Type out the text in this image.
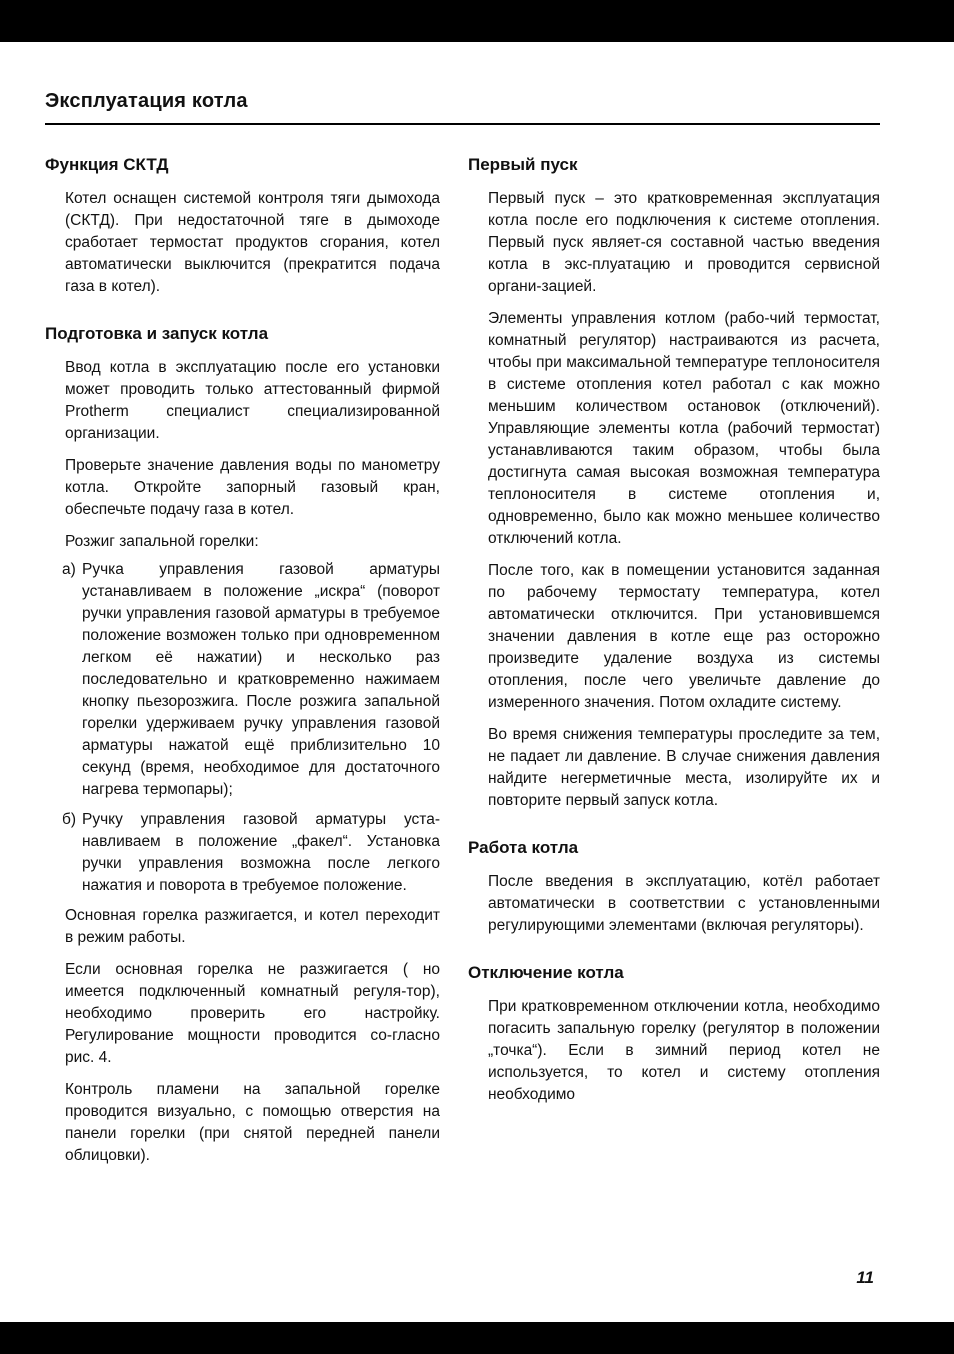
Эксплуатация котла
Функция СКТД

Котел оснащен системой контроля тяги дымохода (СКТД). При недостаточной тяге в дымоходе сработает термостат продуктов сгорания, котел автоматически выключится (прекратится подача газа в котел).

Подготовка и запуск котла

Ввод котла в эксплуатацию после его установки может проводить только аттестованный фирмой Protherm специалист специализированной организации.

Проверьте значение давления воды по манометру котла. Откройте запорный газовый кран, обеспечьте подачу газа в котел.

Розжиг запальной горелки:

а) Ручка управления газовой арматуры устанавливаем в положение „искра“ (поворот ручки управления газовой арматуры в требуемое положение возможен только при одновременном легком её нажатии) и несколько раз последовательно и кратковременно нажимаем кнопку пьезорозжига. После розжига запальной горелки удерживаем ручку управления газовой арматуры нажатой ещё приблизительно 10 секунд (время, необходимое для достаточного нагрева термопары);

б) Ручку управления газовой арматуры уста-навливаем в положение „факел“. Установка ручки управления возможна после легкого нажатия и поворота в требуемое положение.

Основная горелка разжигается, и котел переходит в режим работы.

Если основная горелка не разжигается ( но имеется подключенный комнатный регуля-тор), необходимо проверить его настройку. Регулирование мощности проводится со-гласно рис. 4.

Контроль пламени на запальной горелке проводится визуально, с помощью отверстия на панели горелки (при снятой передней панели облицовки).

Первый пуск

Первый пуск – это кратковременная эксплуатация котла после его подключения к системе отопления. Первый пуск являет-ся составной частью введения котла в экс-плуатацию и проводится сервисной органи-зацией.

Элементы управления котлом (рабо-чий термостат, комнатный регулятор) настраиваются из расчета, чтобы при максимальной температуре теплоносителя в системе отопления котел работал с как можно меньшим количеством остановок (отключений). Управляющие элементы котла (рабочий термостат) устанавливаются таким образом, чтобы была достигнута самая высокая возможная температура теплоносителя в системе отопления и, одновременно, было как можно меньшее количество отключений котла.

После того, как в помещении установится заданная по рабочему термостату температура, котел автоматически отключится. При установившемся значении давления в котле еще раз осторожно произведите удаление воздуха из системы отопления, после чего увеличьте давление до измеренного значения. Потом охладите систему.

Во время снижения температуры проследите за тем, не падает ли давление. В случае снижения давления найдите негерметичные места, изолируйте их и повторите первый запуск котла.

Работа котла

После введения в эксплуатацию, котёл работает автоматически в соответствии с установленными регулирующими элементами (включая регуляторы).

Отключение котла

При кратковременном отключении котла, необходимо погасить запальную горелку (регулятор в положении „точка“). Если в зимний период котел не используется, то котел и систему отопления необходимо

11
